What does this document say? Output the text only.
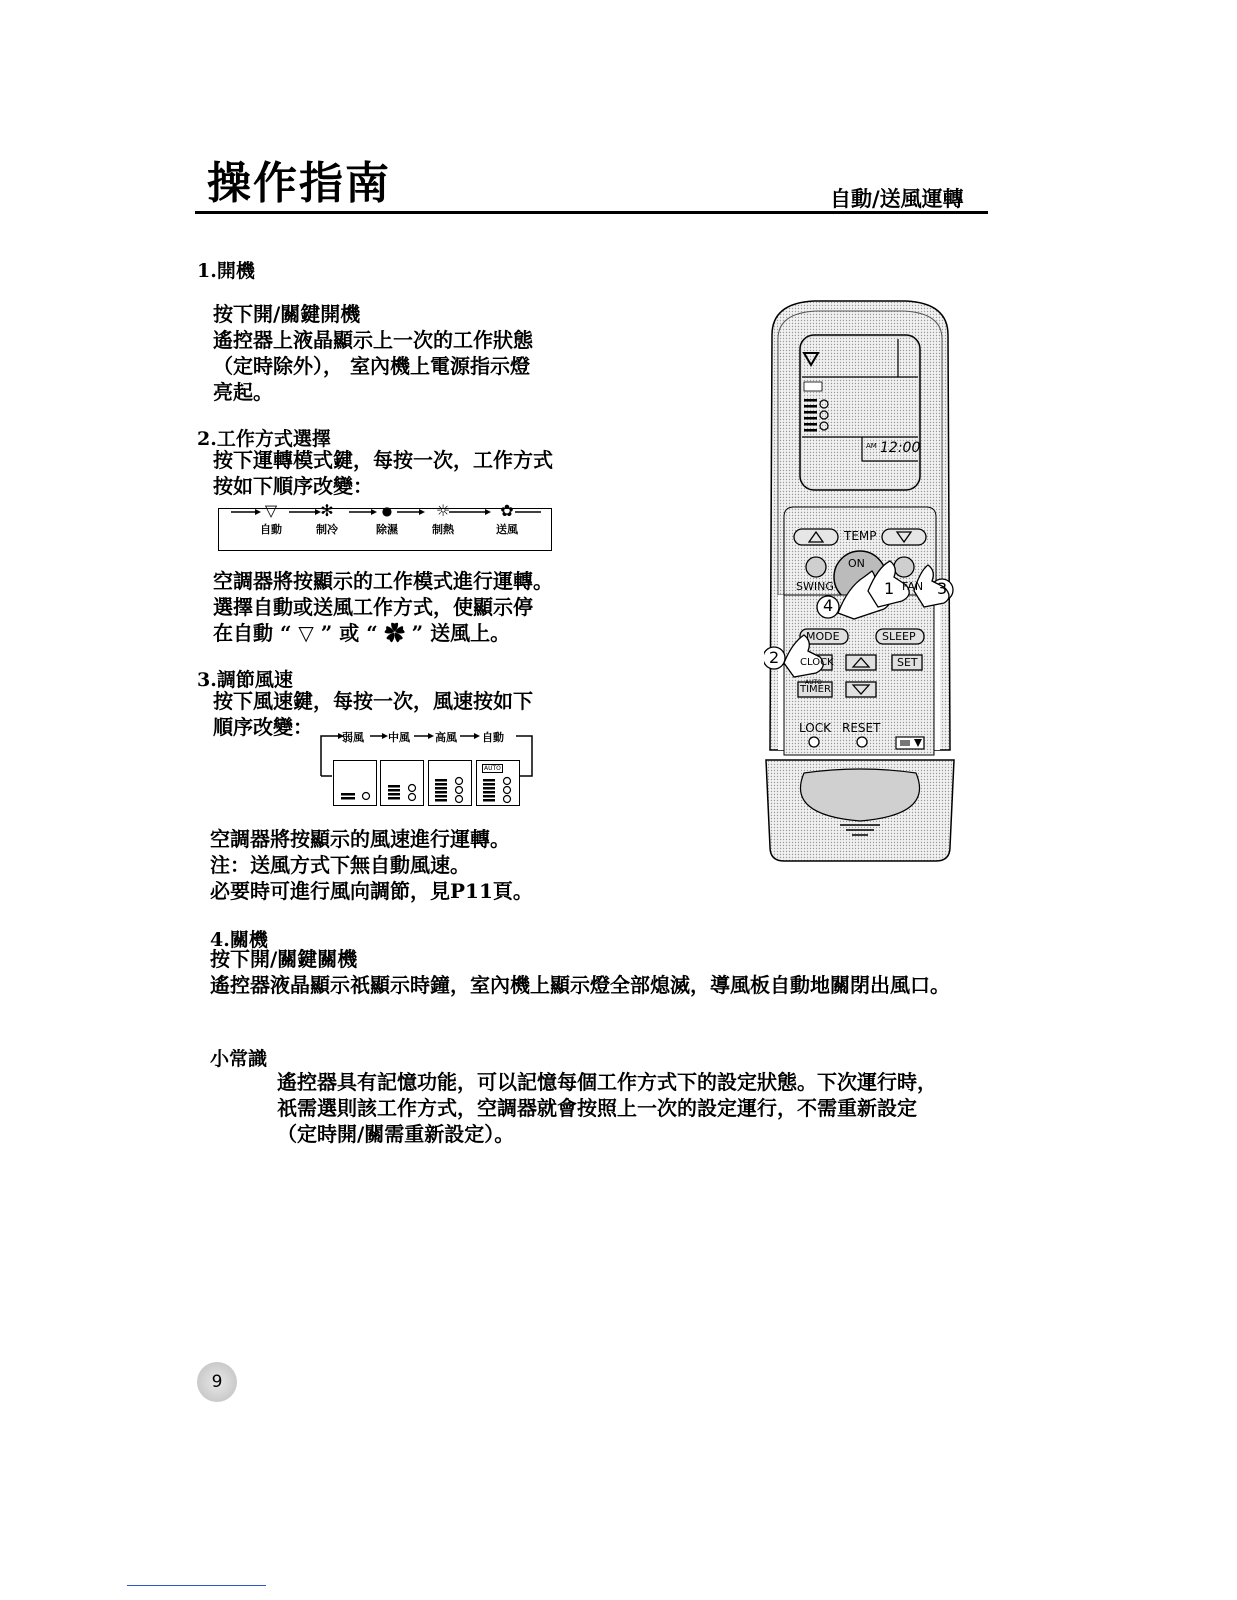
操作指南	自動/送風運轉
1.開機
按下開/關鍵開機
遙控器上液晶顯示上一次的工作狀態
（定時除外）， 室內機上電源指示燈
亮起。
2.工作方式選擇
按下運轉模式鍵，每按一次，工作方式
按如下順序改變：
▽
自動
✻
制冷
●
除濕
☼
制熱
✿
送風
空調器將按顯示的工作模式進行運轉。
選擇自動或送風工作方式，使顯示停
在自動 “ ▽ ” 或 “ ✿ ” 送風上。
3.調節風速
按下風速鍵，每按一次，風速按如下
順序改變：	弱風 中風 高風 自動
AUTO
空調器將按顯示的風速進行運轉。
注：送風方式下無自動風速。
必要時可進行風向調節，見P11頁。
4.關機
按下開/關鍵關機
遙控器液晶顯示祇顯示時鐘，室內機上顯示燈全部熄滅，導風板自動地關閉出風口。
小常識
遙控器具有記憶功能，可以記憶每個工作方式下的設定狀態。下次運行時，
祇需選則該工作方式，空調器就會按照上一次的設定運行，不需重新設定
（定時開/關需重新設定）。
AUTO
AM 12:00
TEMP
ON
SWING	FAN
MODE	SLEEP
CLOCK	SET
TIMER
LOCK RESET
1
2
3
4
9
